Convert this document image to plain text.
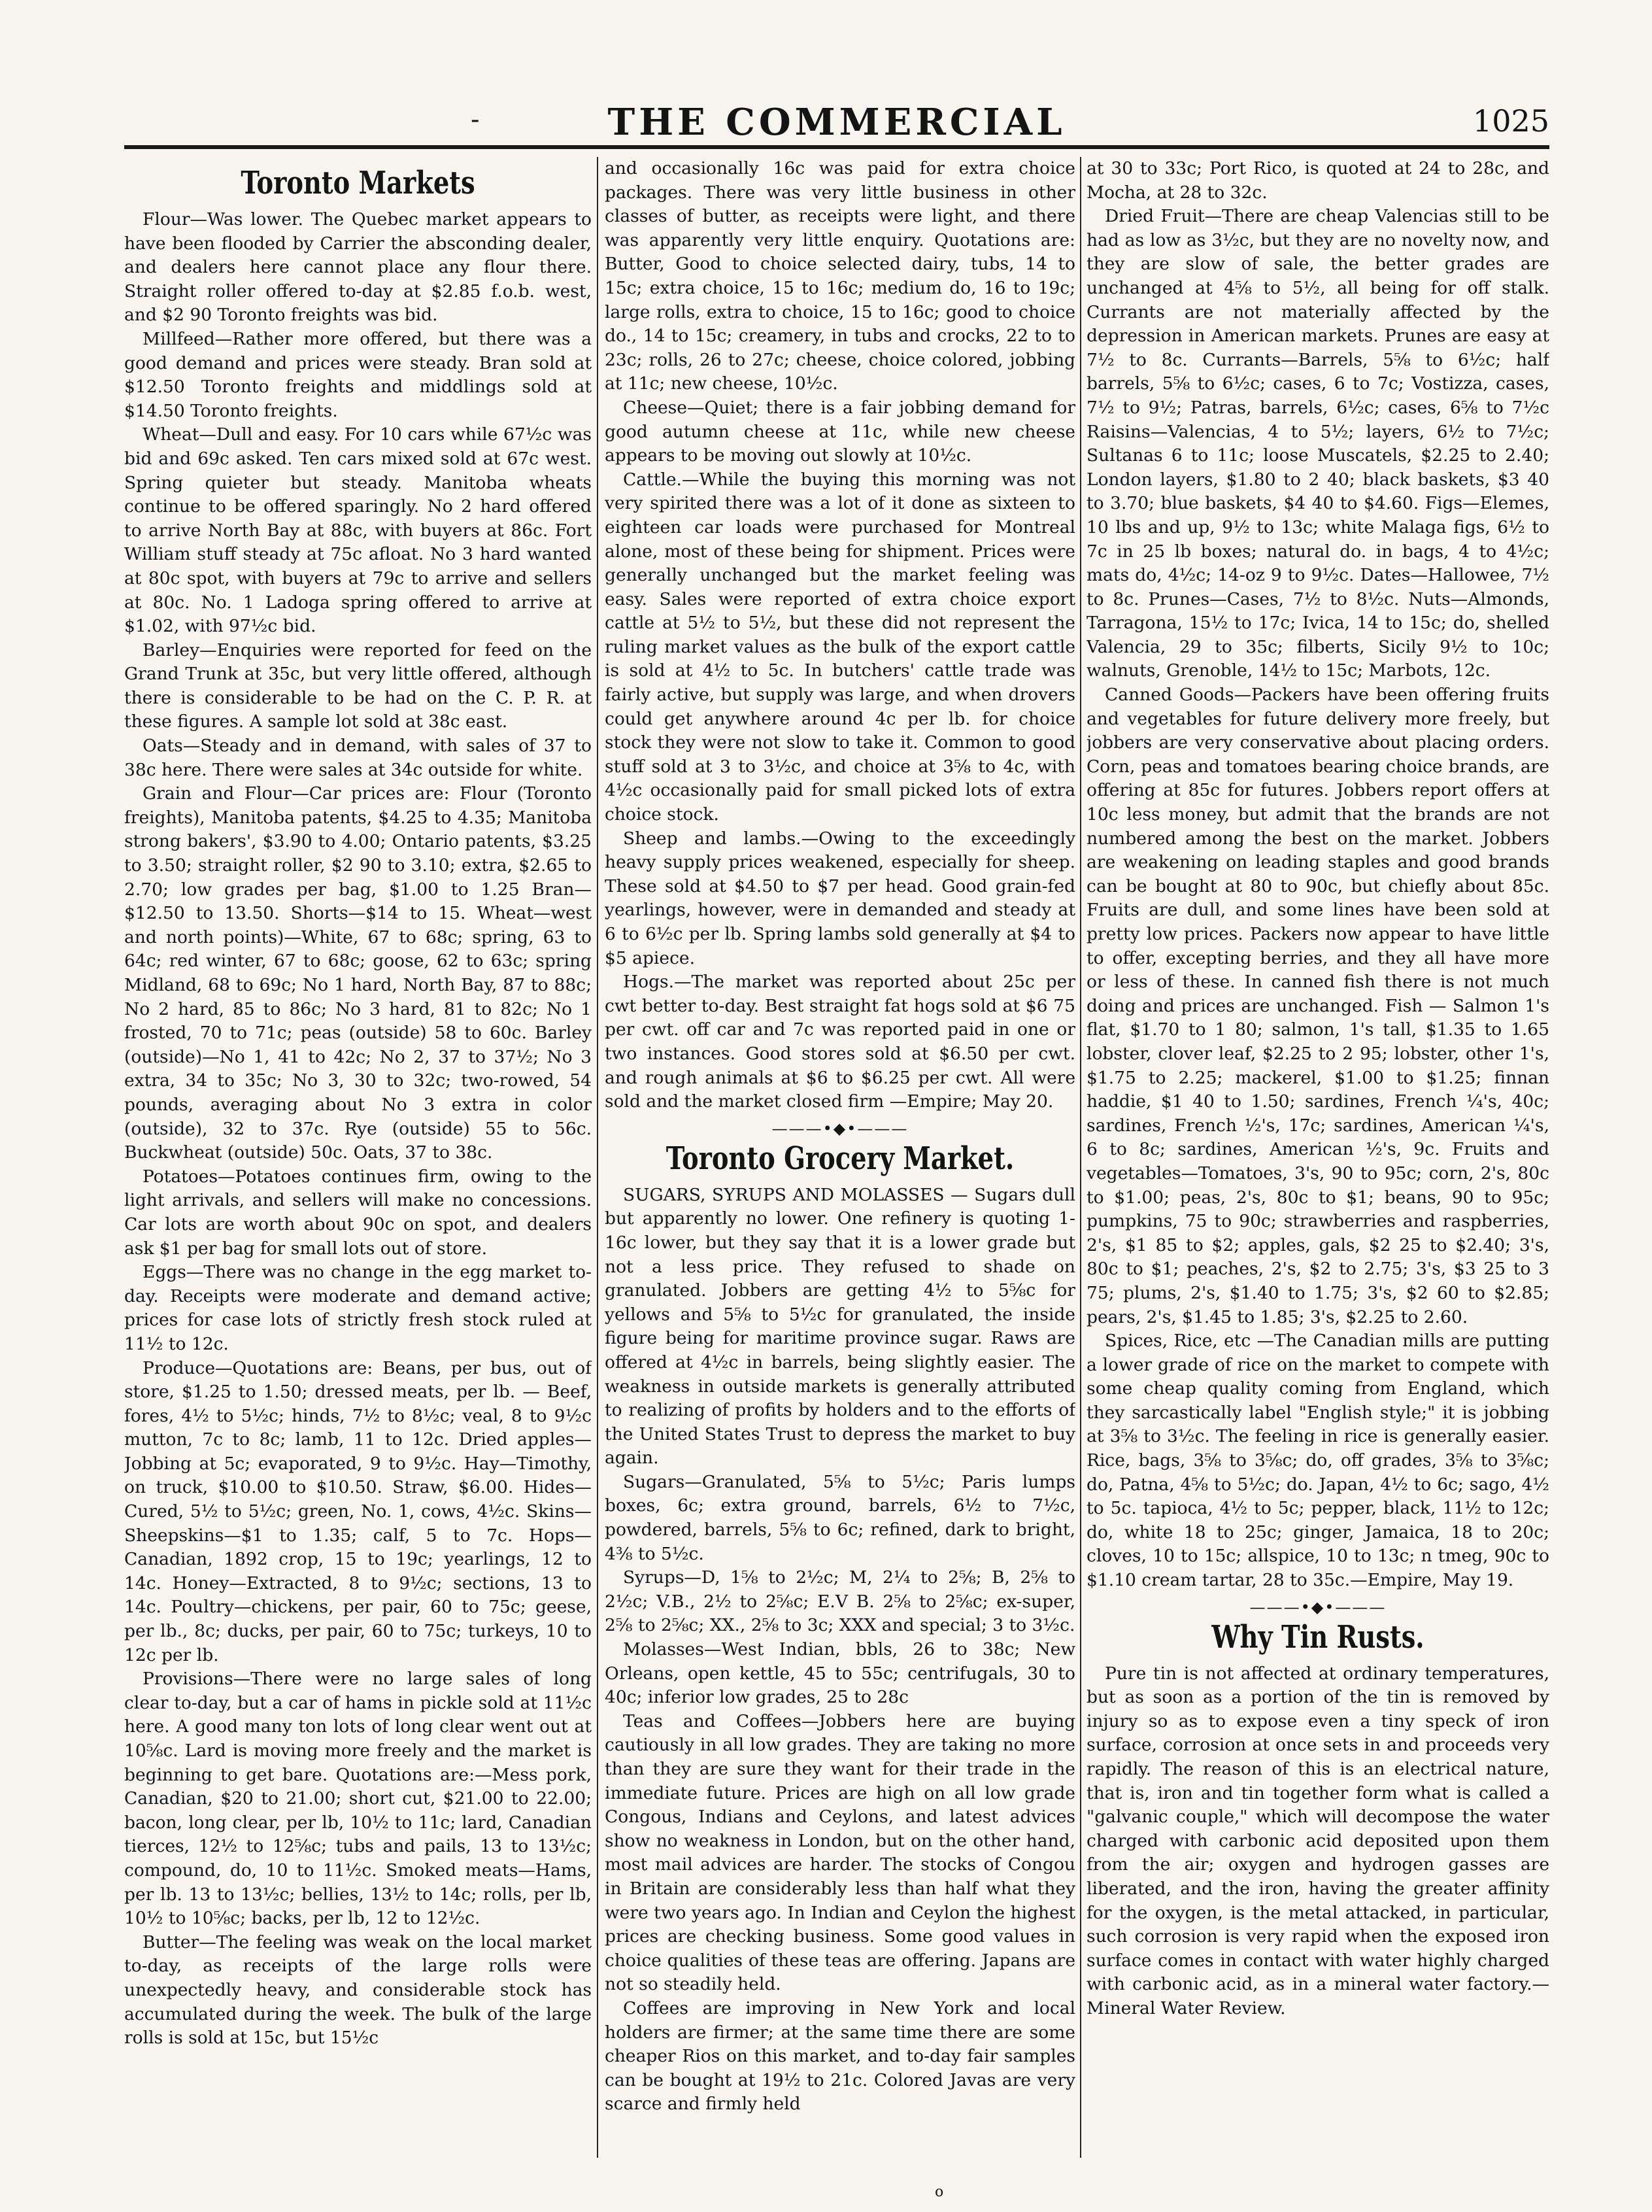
-	THE COMMERCIAL	1025
Toronto Markets

Flour—Was lower. The Quebec market appears to have been flooded by Carrier the absconding dealer, and dealers here cannot place any flour there. Straight roller offered to-day at $2.85 f.o.b. west, and $2 90 Toronto freights was bid.

Millfeed—Rather more offered, but there was a good demand and prices were steady. Bran sold at $12.50 Toronto freights and middlings sold at $14.50 Toronto freights.

Wheat—Dull and easy. For 10 cars while 67½c was bid and 69c asked. Ten cars mixed sold at 67c west. Spring quieter but steady. Manitoba wheats continue to be offered sparingly. No 2 hard offered to arrive North Bay at 88c, with buyers at 86c. Fort William stuff steady at 75c afloat. No 3 hard wanted at 80c spot, with buyers at 79c to arrive and sellers at 80c. No. 1 Ladoga spring offered to arrive at $1.02, with 97½c bid.

Barley—Enquiries were reported for feed on the Grand Trunk at 35c, but very little offered, although there is considerable to be had on the C. P. R. at these figures. A sample lot sold at 38c east.

Oats—Steady and in demand, with sales of 37 to 38c here. There were sales at 34c outside for white.

Grain and Flour—Car prices are: Flour (Toronto freights), Manitoba patents, $4.25 to 4.35; Manitoba strong bakers', $3.90 to 4.00; Ontario patents, $3.25 to 3.50; straight roller, $2 90 to 3.10; extra, $2.65 to 2.70; low grades per bag, $1.00 to 1.25 Bran—$12.50 to 13.50. Shorts—$14 to 15. Wheat—west and north points)—White, 67 to 68c; spring, 63 to 64c; red winter, 67 to 68c; goose, 62 to 63c; spring Midland, 68 to 69c; No 1 hard, North Bay, 87 to 88c; No 2 hard, 85 to 86c; No 3 hard, 81 to 82c; No 1 frosted, 70 to 71c; peas (outside) 58 to 60c. Barley (outside)—No 1, 41 to 42c; No 2, 37 to 37½; No 3 extra, 34 to 35c; No 3, 30 to 32c; two-rowed, 54 pounds, averaging about No 3 extra in color (outside), 32 to 37c. Rye (outside) 55 to 56c. Buckwheat (outside) 50c. Oats, 37 to 38c.

Potatoes—Potatoes continues firm, owing to the light arrivals, and sellers will make no concessions. Car lots are worth about 90c on spot, and dealers ask $1 per bag for small lots out of store.

Eggs—There was no change in the egg market to-day. Receipts were moderate and demand active; prices for case lots of strictly fresh stock ruled at 11½ to 12c.

Produce—Quotations are: Beans, per bus, out of store, $1.25 to 1.50; dressed meats, per lb. — Beef, fores, 4½ to 5½c; hinds, 7½ to 8½c; veal, 8 to 9½c mutton, 7c to 8c; lamb, 11 to 12c. Dried apples—Jobbing at 5c; evaporated, 9 to 9½c. Hay—Timothy, on truck, $10.00 to $10.50. Straw, $6.00. Hides—Cured, 5½ to 5½c; green, No. 1, cows, 4½c. Skins—Sheepskins—$1 to 1.35; calf, 5 to 7c. Hops—Canadian, 1892 crop, 15 to 19c; yearlings, 12 to 14c. Honey—Extracted, 8 to 9½c; sections, 13 to 14c. Poultry—chickens, per pair, 60 to 75c; geese, per lb., 8c; ducks, per pair, 60 to 75c; turkeys, 10 to 12c per lb.

Provisions—There were no large sales of long clear to-day, but a car of hams in pickle sold at 11½c here. A good many ton lots of long clear went out at 10⅝c. Lard is moving more freely and the market is beginning to get bare. Quotations are:—Mess pork, Canadian, $20 to 21.00; short cut, $21.00 to 22.00; bacon, long clear, per lb, 10½ to 11c; lard, Canadian tierces, 12½ to 12⅝c; tubs and pails, 13 to 13½c; compound, do, 10 to 11½c. Smoked meats—Hams, per lb. 13 to 13½c; bellies, 13½ to 14c; rolls, per lb, 10½ to 10⅝c; backs, per lb, 12 to 12½c.

Butter—The feeling was weak on the local market to-day, as receipts of the large rolls were unexpectedly heavy, and considerable stock has accumulated during the week. The bulk of the large rolls is sold at 15c, but 15½c

and occasionally 16c was paid for extra choice packages. There was very little business in other classes of butter, as receipts were light, and there was apparently very little enquiry. Quotations are: Butter, Good to choice selected dairy, tubs, 14 to 15c; extra choice, 15 to 16c; medium do, 16 to 19c; large rolls, extra to choice, 15 to 16c; good to choice do., 14 to 15c; creamery, in tubs and crocks, 22 to to 23c; rolls, 26 to 27c; cheese, choice colored, jobbing at 11c; new cheese, 10½c.

Cheese—Quiet; there is a fair jobbing demand for good autumn cheese at 11c, while new cheese appears to be moving out slowly at 10½c.

Cattle.—While the buying this morning was not very spirited there was a lot of it done as sixteen to eighteen car loads were purchased for Montreal alone, most of these being for shipment. Prices were generally unchanged but the market feeling was easy. Sales were reported of extra choice export cattle at 5½ to 5½, but these did not represent the ruling market values as the bulk of the export cattle is sold at 4½ to 5c. In butchers' cattle trade was fairly active, but supply was large, and when drovers could get anywhere around 4c per lb. for choice stock they were not slow to take it. Common to good stuff sold at 3 to 3½c, and choice at 3⅝ to 4c, with 4½c occasionally paid for small picked lots of extra choice stock.

Sheep and lambs.—Owing to the exceedingly heavy supply prices weakened, especially for sheep. These sold at $4.50 to $7 per head. Good grain-fed yearlings, however, were in demanded and steady at 6 to 6½c per lb. Spring lambs sold generally at $4 to $5 apiece.

Hogs.—The market was reported about 25c per cwt better to-day. Best straight fat hogs sold at $6 75 per cwt. off car and 7c was reported paid in one or two instances. Good stores sold at $6.50 per cwt. and rough animals at $6 to $6.25 per cwt. All were sold and the market closed firm —Empire; May 20.

———•◆•———
Toronto Grocery Market.

SUGARS, SYRUPS AND MOLASSES — Sugars dull but apparently no lower. One refinery is quoting 1-16c lower, but they say that it is a lower grade but not a less price. They refused to shade on granulated. Jobbers are getting 4½ to 5⅝c for yellows and 5⅝ to 5½c for granulated, the inside figure being for maritime province sugar. Raws are offered at 4½c in barrels, being slightly easier. The weakness in outside markets is generally attributed to realizing of profits by holders and to the efforts of the United States Trust to depress the market to buy again.

Sugars—Granulated, 5⅝ to 5½c; Paris lumps boxes, 6c; extra ground, barrels, 6½ to 7½c, powdered, barrels, 5⅝ to 6c; refined, dark to bright, 4⅜ to 5½c.

Syrups—D, 1⅝ to 2½c; M, 2¼ to 2⅝; B, 2⅝ to 2½c; V.B., 2½ to 2⅝c; E.V B. 2⅝ to 2⅝c; ex-super, 2⅝ to 2⅝c; XX., 2⅝ to 3c; XXX and special; 3 to 3½c.

Molasses—West Indian, bbls, 26 to 38c; New Orleans, open kettle, 45 to 55c; centrifugals, 30 to 40c; inferior low grades, 25 to 28c

Teas and Coffees—Jobbers here are buying cautiously in all low grades. They are taking no more than they are sure they want for their trade in the immediate future. Prices are high on all low grade Congous, Indians and Ceylons, and latest advices show no weakness in London, but on the other hand, most mail advices are harder. The stocks of Congou in Britain are considerably less than half what they were two years ago. In Indian and Ceylon the highest prices are checking business. Some good values in choice qualities of these teas are offering. Japans are not so steadily held.

Coffees are improving in New York and local holders are firmer; at the same time there are some cheaper Rios on this market, and to-day fair samples can be bought at 19½ to 21c. Colored Javas are very scarce and firmly held

at 30 to 33c; Port Rico, is quoted at 24 to 28c, and Mocha, at 28 to 32c.

Dried Fruit—There are cheap Valencias still to be had as low as 3½c, but they are no novelty now, and they are slow of sale, the better grades are unchanged at 4⅝ to 5½, all being for off stalk. Currants are not materially affected by the depression in American markets. Prunes are easy at 7½ to 8c. Currants—Barrels, 5⅝ to 6½c; half barrels, 5⅝ to 6½c; cases, 6 to 7c; Vostizza, cases, 7½ to 9½; Patras, barrels, 6½c; cases, 6⅝ to 7½c Raisins—Valencias, 4 to 5½; layers, 6½ to 7½c; Sultanas 6 to 11c; loose Muscatels, $2.25 to 2.40; London layers, $1.80 to 2 40; black baskets, $3 40 to 3.70; blue baskets, $4 40 to $4.60. Figs—Elemes, 10 lbs and up, 9½ to 13c; white Malaga figs, 6½ to 7c in 25 lb boxes; natural do. in bags, 4 to 4½c; mats do, 4½c; 14-oz 9 to 9½c. Dates—Hallowee, 7½ to 8c. Prunes—Cases, 7½ to 8½c. Nuts—Almonds, Tarragona, 15½ to 17c; Ivica, 14 to 15c; do, shelled Valencia, 29 to 35c; filberts, Sicily 9½ to 10c; walnuts, Grenoble, 14½ to 15c; Marbots, 12c.

Canned Goods—Packers have been offering fruits and vegetables for future delivery more freely, but jobbers are very conservative about placing orders. Corn, peas and tomatoes bearing choice brands, are offering at 85c for futures. Jobbers report offers at 10c less money, but admit that the brands are not numbered among the best on the market. Jobbers are weakening on leading staples and good brands can be bought at 80 to 90c, but chiefly about 85c. Fruits are dull, and some lines have been sold at pretty low prices. Packers now appear to have little to offer, excepting berries, and they all have more or less of these. In canned fish there is not much doing and prices are unchanged. Fish — Salmon 1's flat, $1.70 to 1 80; salmon, 1's tall, $1.35 to 1.65 lobster, clover leaf, $2.25 to 2 95; lobster, other 1's, $1.75 to 2.25; mackerel, $1.00 to $1.25; finnan haddie, $1 40 to 1.50; sardines, French ¼'s, 40c; sardines, French ½'s, 17c; sardines, American ¼'s, 6 to 8c; sardines, American ½'s, 9c. Fruits and vegetables—Tomatoes, 3's, 90 to 95c; corn, 2's, 80c to $1.00; peas, 2's, 80c to $1; beans, 90 to 95c; pumpkins, 75 to 90c; strawberries and raspberries, 2's, $1 85 to $2; apples, gals, $2 25 to $2.40; 3's, 80c to $1; peaches, 2's, $2 to 2.75; 3's, $3 25 to 3 75; plums, 2's, $1.40 to 1.75; 3's, $2 60 to $2.85; pears, 2's, $1.45 to 1.85; 3's, $2.25 to 2.60.

Spices, Rice, etc —The Canadian mills are putting a lower grade of rice on the market to compete with some cheap quality coming from England, which they sarcastically label "English style;" it is jobbing at 3⅝ to 3½c. The feeling in rice is generally easier. Rice, bags, 3⅝ to 3⅝c; do, off grades, 3⅝ to 3⅝c; do, Patna, 4⅝ to 5½c; do. Japan, 4½ to 6c; sago, 4½ to 5c. tapioca, 4½ to 5c; pepper, black, 11½ to 12c; do, white 18 to 25c; ginger, Jamaica, 18 to 20c; cloves, 10 to 15c; allspice, 10 to 13c; n tmeg, 90c to $1.10 cream tartar, 28 to 35c.—Empire, May 19.

———•◆•———
Why Tin Rusts.

Pure tin is not affected at ordinary temperatures, but as soon as a portion of the tin is removed by injury so as to expose even a tiny speck of iron surface, corrosion at once sets in and proceeds very rapidly. The reason of this is an electrical nature, that is, iron and tin together form what is called a "galvanic couple," which will decompose the water charged with carbonic acid deposited upon them from the air; oxygen and hydrogen gasses are liberated, and the iron, having the greater affinity for the oxygen, is the metal attacked, in particular, such corrosion is very rapid when the exposed iron surface comes in contact with water highly charged with carbonic acid, as in a mineral water factory.—Mineral Water Review.

o
